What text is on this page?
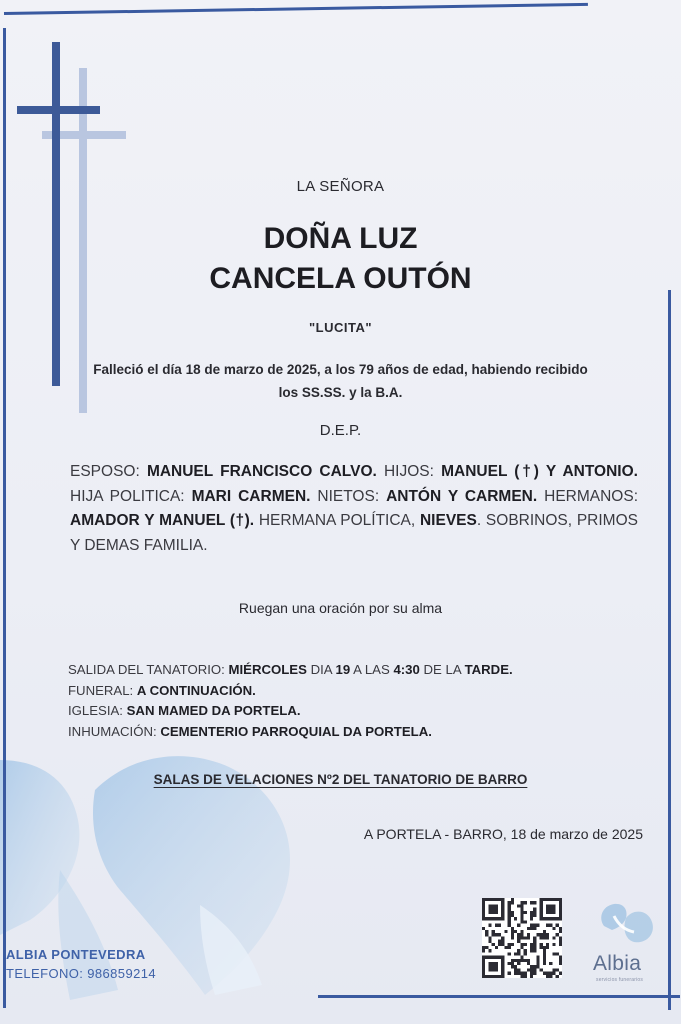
LA SEÑORA
DOÑA LUZ
CANCELA OUTÓN
"LUCITA"
Falleció el día 18 de marzo de 2025, a los 79 años de edad, habiendo recibido
los SS.SS. y la B.A.
D.E.P.
ESPOSO: MANUEL FRANCISCO CALVO. HIJOS: MANUEL (†) Y ANTONIO. HIJA POLITICA: MARI CARMEN. NIETOS: ANTÓN Y CARMEN. HERMANOS: AMADOR Y MANUEL (†). HERMANA POLÍTICA, NIEVES. SOBRINOS, PRIMOS Y DEMAS FAMILIA.
Ruegan una oración por su alma
SALIDA DEL TANATORIO: MIÉRCOLES DIA 19 A LAS 4:30 DE LA TARDE.
FUNERAL: A CONTINUACIÓN.
IGLESIA: SAN MAMED DA PORTELA.
INHUMACIÓN: CEMENTERIO PARROQUIAL DA PORTELA.
SALAS DE VELACIONES Nº2 DEL TANATORIO DE BARRO
A PORTELA - BARRO, 18 de marzo de 2025
ALBIA PONTEVEDRA
TELEFONO: 986859214	Albia
servicios funerarios
